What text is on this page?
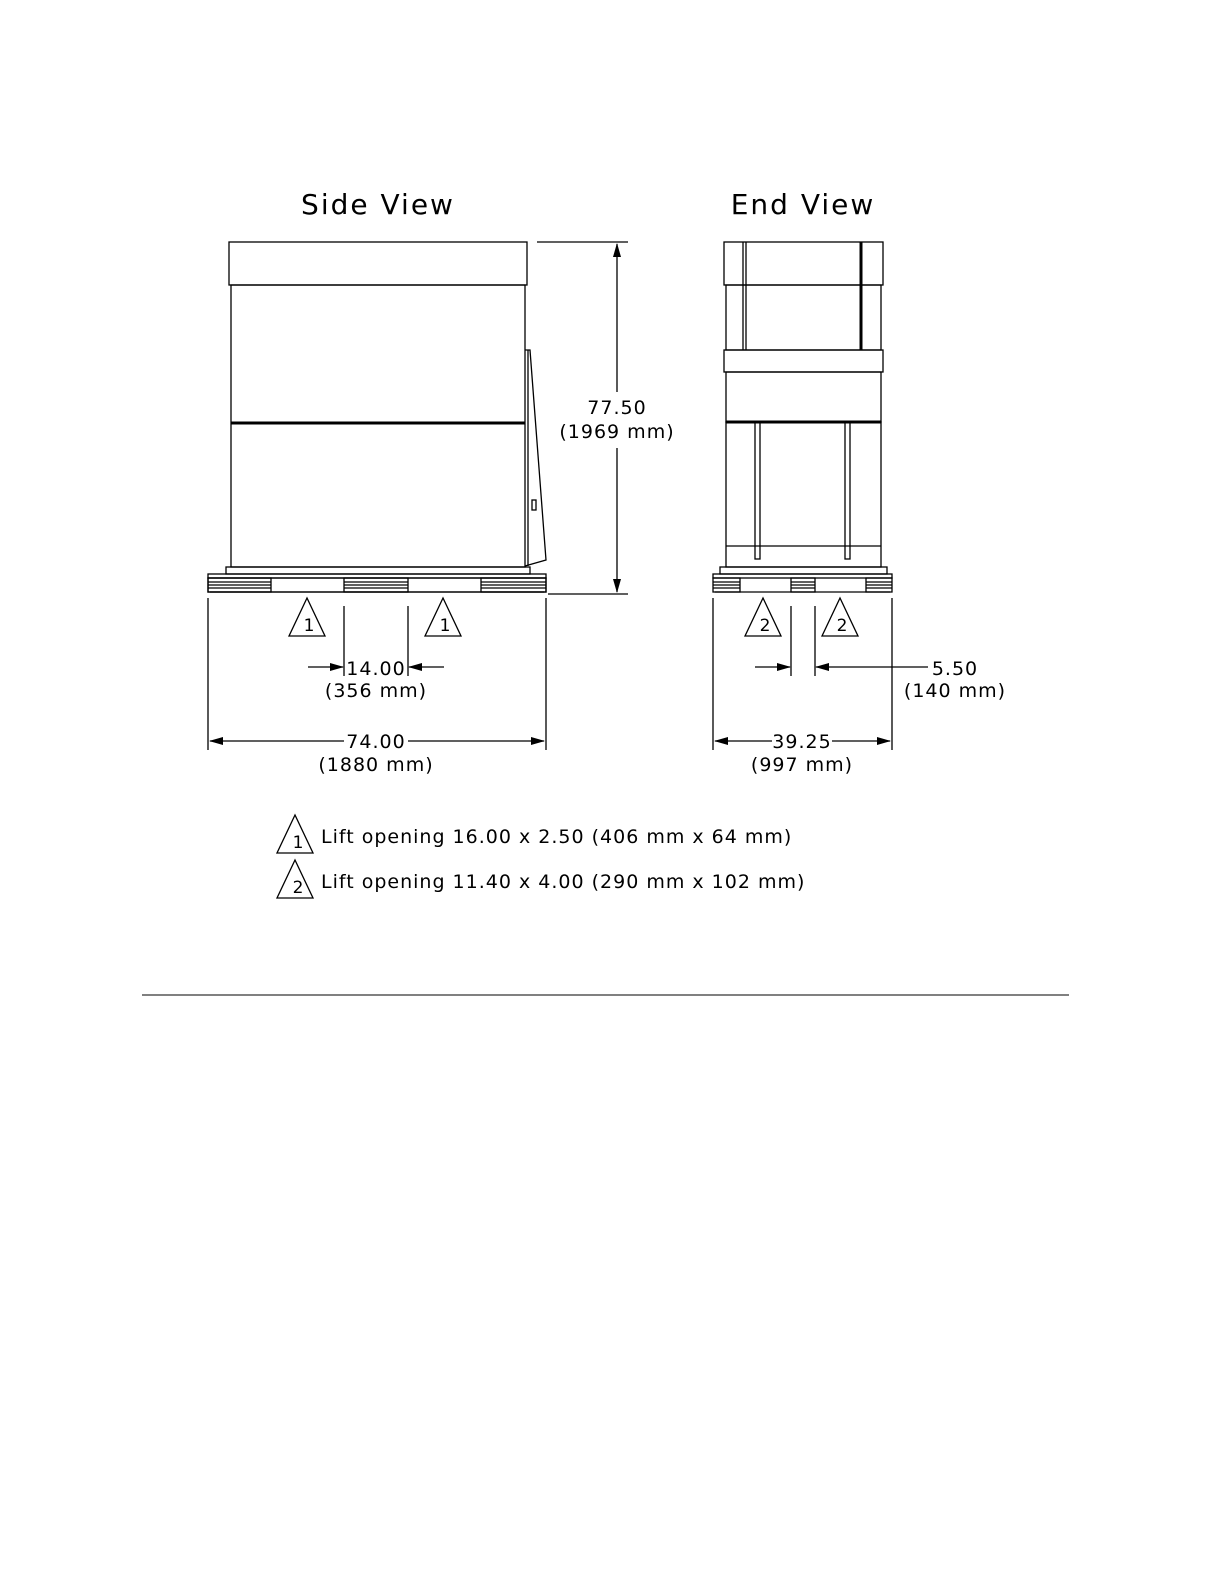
Side View	End View
77.50
(1969 mm)
1	1
14.00
(356 mm)
74.00
(1880 mm)
2	2
5.50
(140 mm)
39.25
(997 mm)
1 Lift opening 16.00 x 2.50 (406 mm x 64 mm)
2 Lift opening 11.40 x 4.00 (290 mm x 102 mm)
